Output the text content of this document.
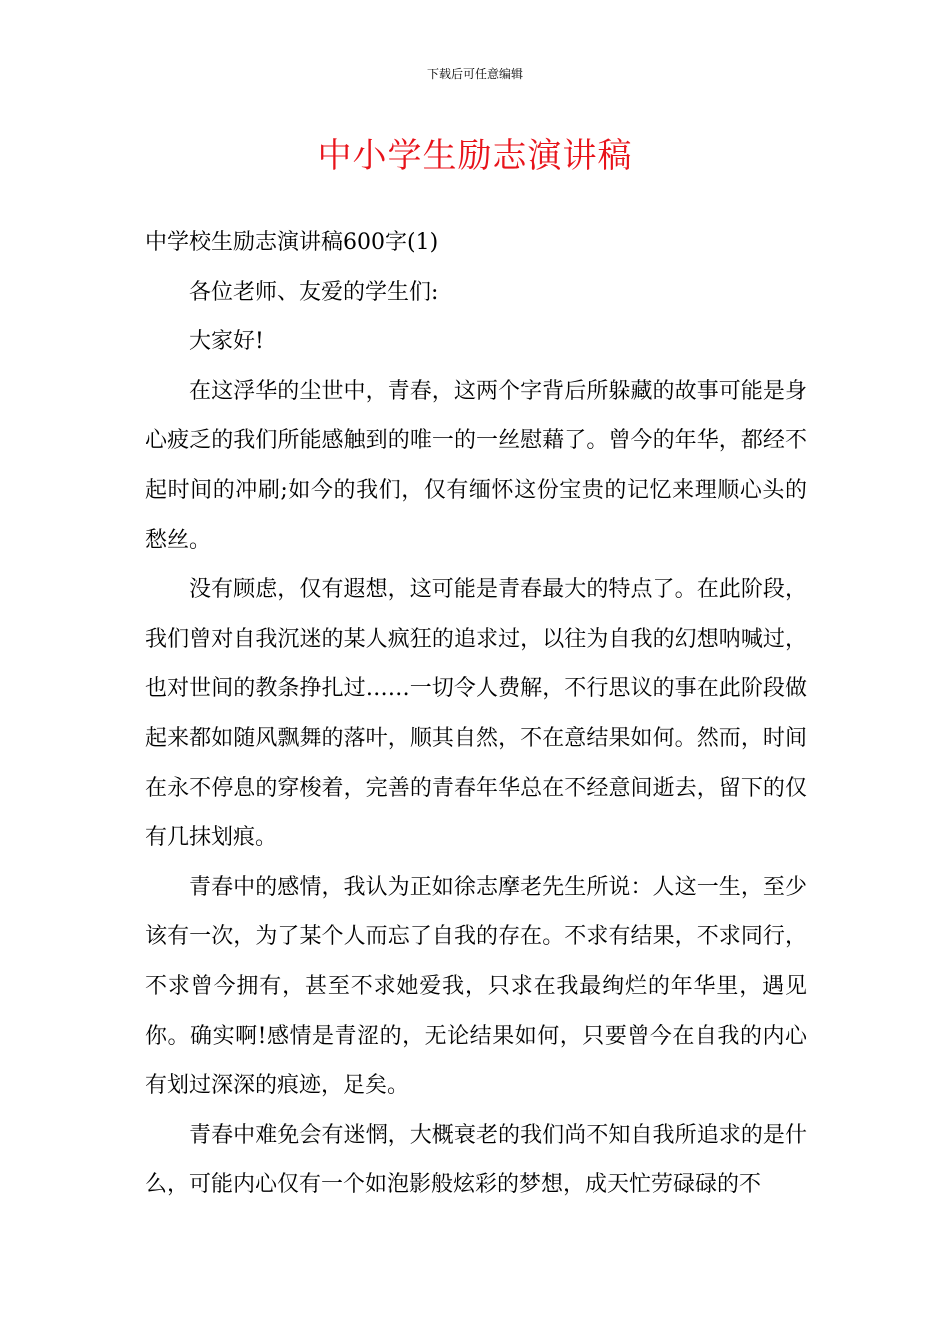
下载后可任意编辑
中小学生励志演讲稿

中学校生励志演讲稿600字(1)

各位老师、友爱的学生们:

大家好!

在这浮华的尘世中，青春，这两个字背后所躲藏的故事可能是身心疲乏的我们所能感触到的唯一的一丝慰藉了。曾今的年华，都经不起时间的冲刷;如今的我们，仅有缅怀这份宝贵的记忆来理顺心头的愁丝。

没有顾虑，仅有遐想，这可能是青春最大的特点了。在此阶段，我们曾对自我沉迷的某人疯狂的追求过，以往为自我的幻想呐喊过，也对世间的教条挣扎过……一切令人费解，不行思议的事在此阶段做起来都如随风飘舞的落叶，顺其自然，不在意结果如何。然而，时间在永不停息的穿梭着，完善的青春年华总在不经意间逝去，留下的仅有几抹划痕。

青春中的感情，我认为正如徐志摩老先生所说：人这一生，至少该有一次，为了某个人而忘了自我的存在。不求有结果，不求同行，不求曾今拥有，甚至不求她爱我，只求在我最绚烂的年华里，遇见你。确实啊!感情是青涩的，无论结果如何，只要曾今在自我的内心有划过深深的痕迹，足矣。

青春中难免会有迷惘，大概衰老的我们尚不知自我所追求的是什么，可能内心仅有一个如泡影般炫彩的梦想，成天忙劳碌碌的不
